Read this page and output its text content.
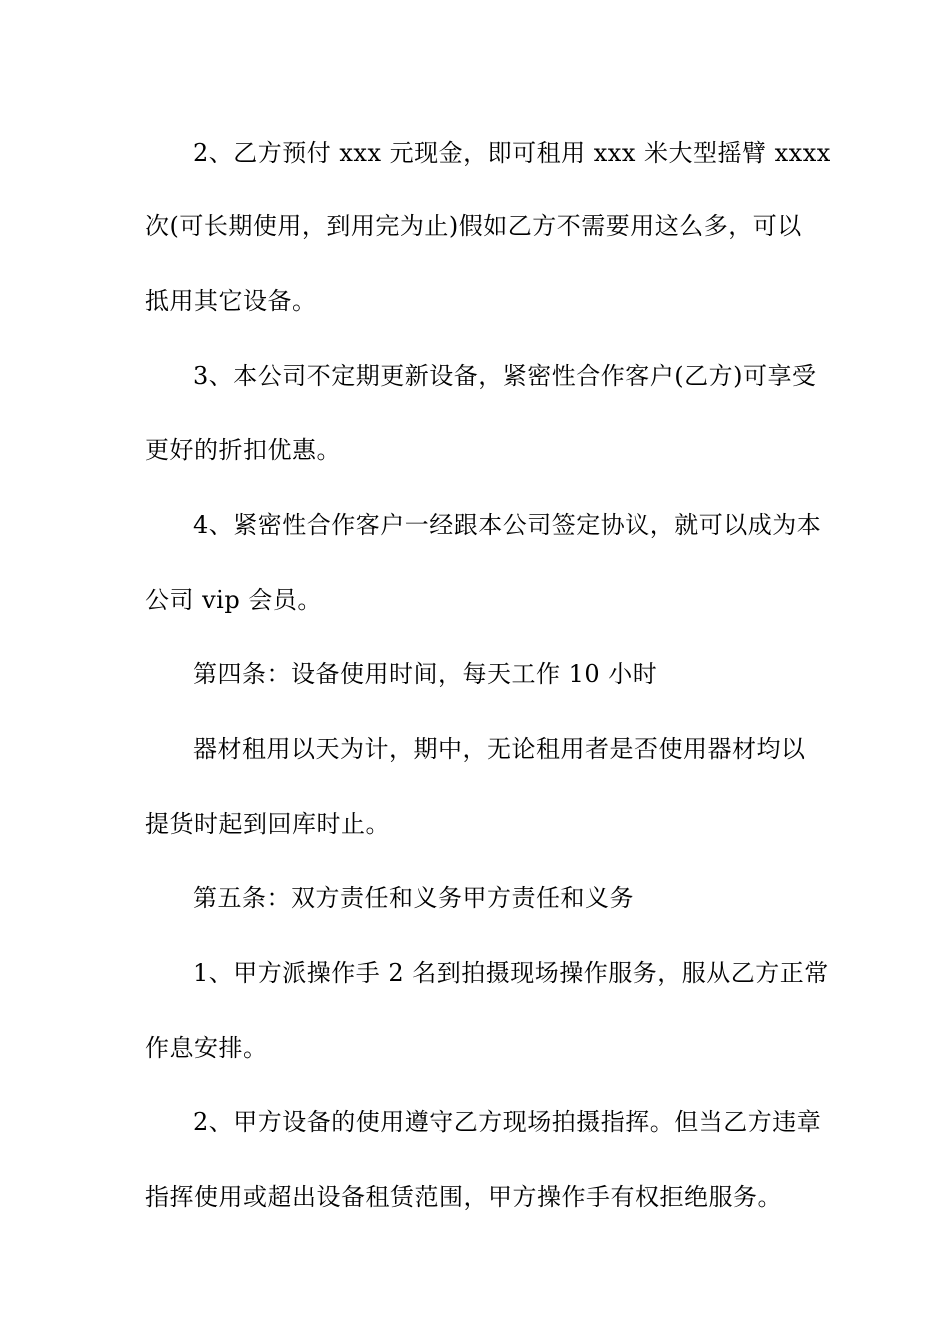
2、乙方预付 xxx 元现金，即可租用 xxx 米大型摇臂 xxxx
次(可长期使用，到用完为止)假如乙方不需要用这么多，可以
抵用其它设备。
3、本公司不定期更新设备，紧密性合作客户(乙方)可享受
更好的折扣优惠。
4、紧密性合作客户一经跟本公司签定协议，就可以成为本
公司 vip 会员。
第四条：设备使用时间，每天工作 10 小时
器材租用以天为计，期中，无论租用者是否使用器材均以
提货时起到回库时止。
第五条：双方责任和义务甲方责任和义务
1、甲方派操作手 2 名到拍摄现场操作服务，服从乙方正常
作息安排。
2、甲方设备的使用遵守乙方现场拍摄指挥。但当乙方违章
指挥使用或超出设备租赁范围，甲方操作手有权拒绝服务。
